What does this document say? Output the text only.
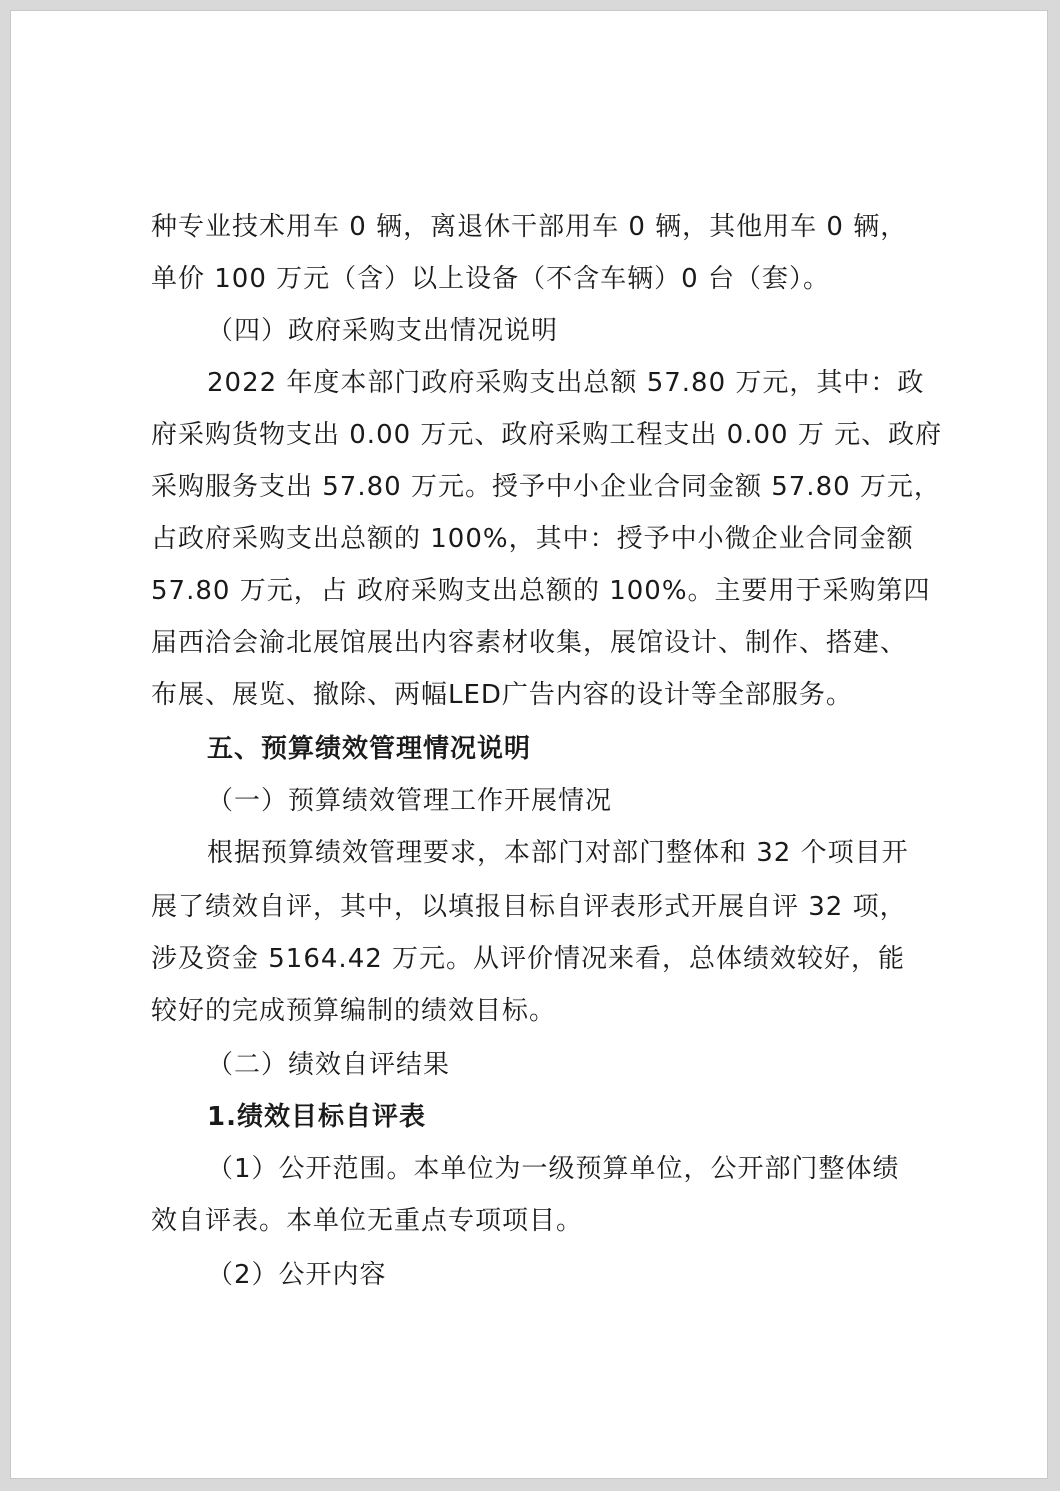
种专业技术用车 0 辆，离退休干部用车 0 辆，其他用车 0 辆，
单价 100 万元（含）以上设备（不含车辆）0 台（套）。
（四）政府采购支出情况说明
2022 年度本部门政府采购支出总额 57.80 万元，其中：政
府采购货物支出 0.00 万元、政府采购工程支出 0.00 万 元、政府
采购服务支出 57.80 万元。授予中小企业合同金额 57.80 万元，
占政府采购支出总额的 100%，其中：授予中小微企业合同金额
57.80 万元，占 政府采购支出总额的 100%。主要用于采购第四
届西洽会渝北展馆展出内容素材收集，展馆设计、制作、搭建、
布展、展览、撤除、两幅LED广告内容的设计等全部服务。
五、预算绩效管理情况说明
（一）预算绩效管理工作开展情况
根据预算绩效管理要求，本部门对部门整体和 32 个项目开
展了绩效自评，其中，以填报目标自评表形式开展自评 32 项，
涉及资金 5164.42 万元。从评价情况来看，总体绩效较好，能
较好的完成预算编制的绩效目标。
（二）绩效自评结果
1.绩效目标自评表
（1）公开范围。本单位为一级预算单位，公开部门整体绩
效自评表。本单位无重点专项项目。
（2）公开内容
